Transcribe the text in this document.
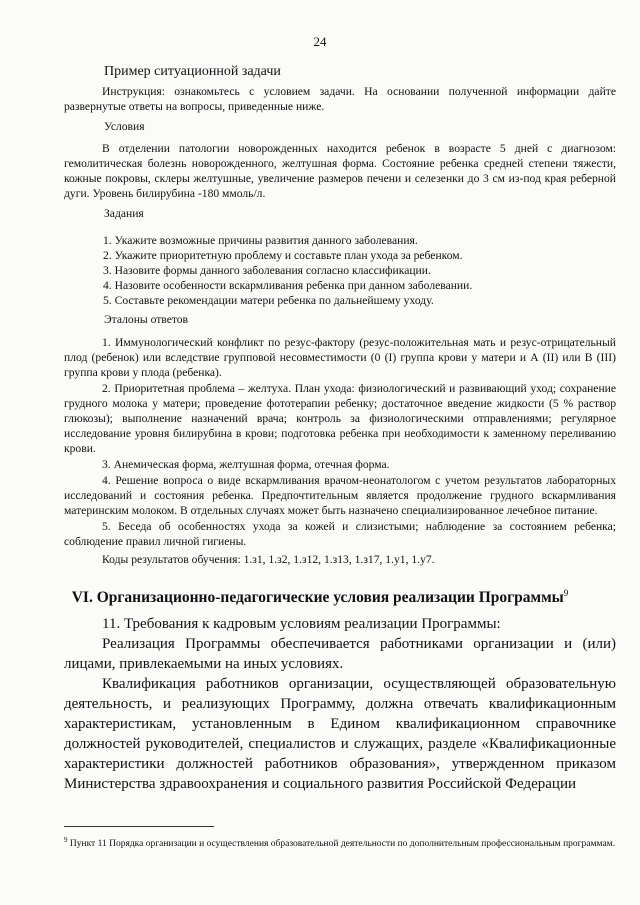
24
Пример ситуационной задачи
Инструкция: ознакомьтесь с условием задачи. На основании полученной информации дайте развернутые ответы на вопросы, приведенные ниже.
Условия
В отделении патологии новорожденных находится ребенок в возрасте 5 дней с диагнозом: гемолитическая болезнь новорожденного, желтушная форма. Состояние ребенка средней степени тяжести, кожные покровы, склеры желтушные, увеличение размеров печени и селезенки до 3 см из-под края реберной дуги. Уровень билирубина -180 ммоль/л.
Задания

1. Укажите возможные причины развития данного заболевания.

2. Укажите приоритетную проблему и составьте план ухода за ребенком.

3. Назовите формы данного заболевания согласно классификации.

4. Назовите особенности вскармливания ребенка при данном заболевании.

5. Составьте рекомендации матери ребенка по дальнейшему уходу.

Эталоны ответов

1. Иммунологический конфликт по резус-фактору (резус-положительная мать и резус-отрицательный плод (ребенок) или вследствие групповой несовместимости (0 (I) группа крови у матери и А (II) или В (III) группа крови у плода (ребенка).

2. Приоритетная проблема – желтуха. План ухода: физиологический и развивающий уход; сохранение грудного молока у матери; проведение фототерапии ребенку; достаточное введение жидкости (5 % раствор глюкозы); выполнение назначений врача; контроль за физиологическими отправлениями; регулярное исследование уровня билирубина в крови; подготовка ребенка при необходимости к заменному переливанию крови.

3. Анемическая форма, желтушная форма, отечная форма.

4. Решение вопроса о виде вскармливания врачом-неонатологом с учетом результатов лабораторных исследований и состояния ребенка. Предпочтительным является продолжение грудного вскармливания материнским молоком. В отдельных случаях может быть назначено специализированное лечебное питание.

5. Беседа об особенностях ухода за кожей и слизистыми; наблюдение за состоянием ребенка; соблюдение правил личной гигиены.

Коды результатов обучения: 1.з1, 1.з2, 1.з12, 1.з13, 1.з17, 1.у1, 1.у7.

VI. Организационно-педагогические условия реализации Программы$^9$

11. Требования к кадровым условиям реализации Программы:

Реализация Программы обеспечивается работниками организации и (или) лицами, привлекаемыми на иных условиях.

Квалификация работников организации, осуществляющей образовательную деятельность, и реализующих Программу, должна отвечать квалификационным характеристикам, установленным в Едином квалификационном справочнике должностей руководителей, специалистов и служащих, разделе «Квалификационные характеристики должностей работников образования», утвержденном приказом Министерства здравоохранения и социального развития Российской Федерации

$^9$ Пункт 11 Порядка организации и осуществления образовательной деятельности по дополнительным профессиональным программам.
